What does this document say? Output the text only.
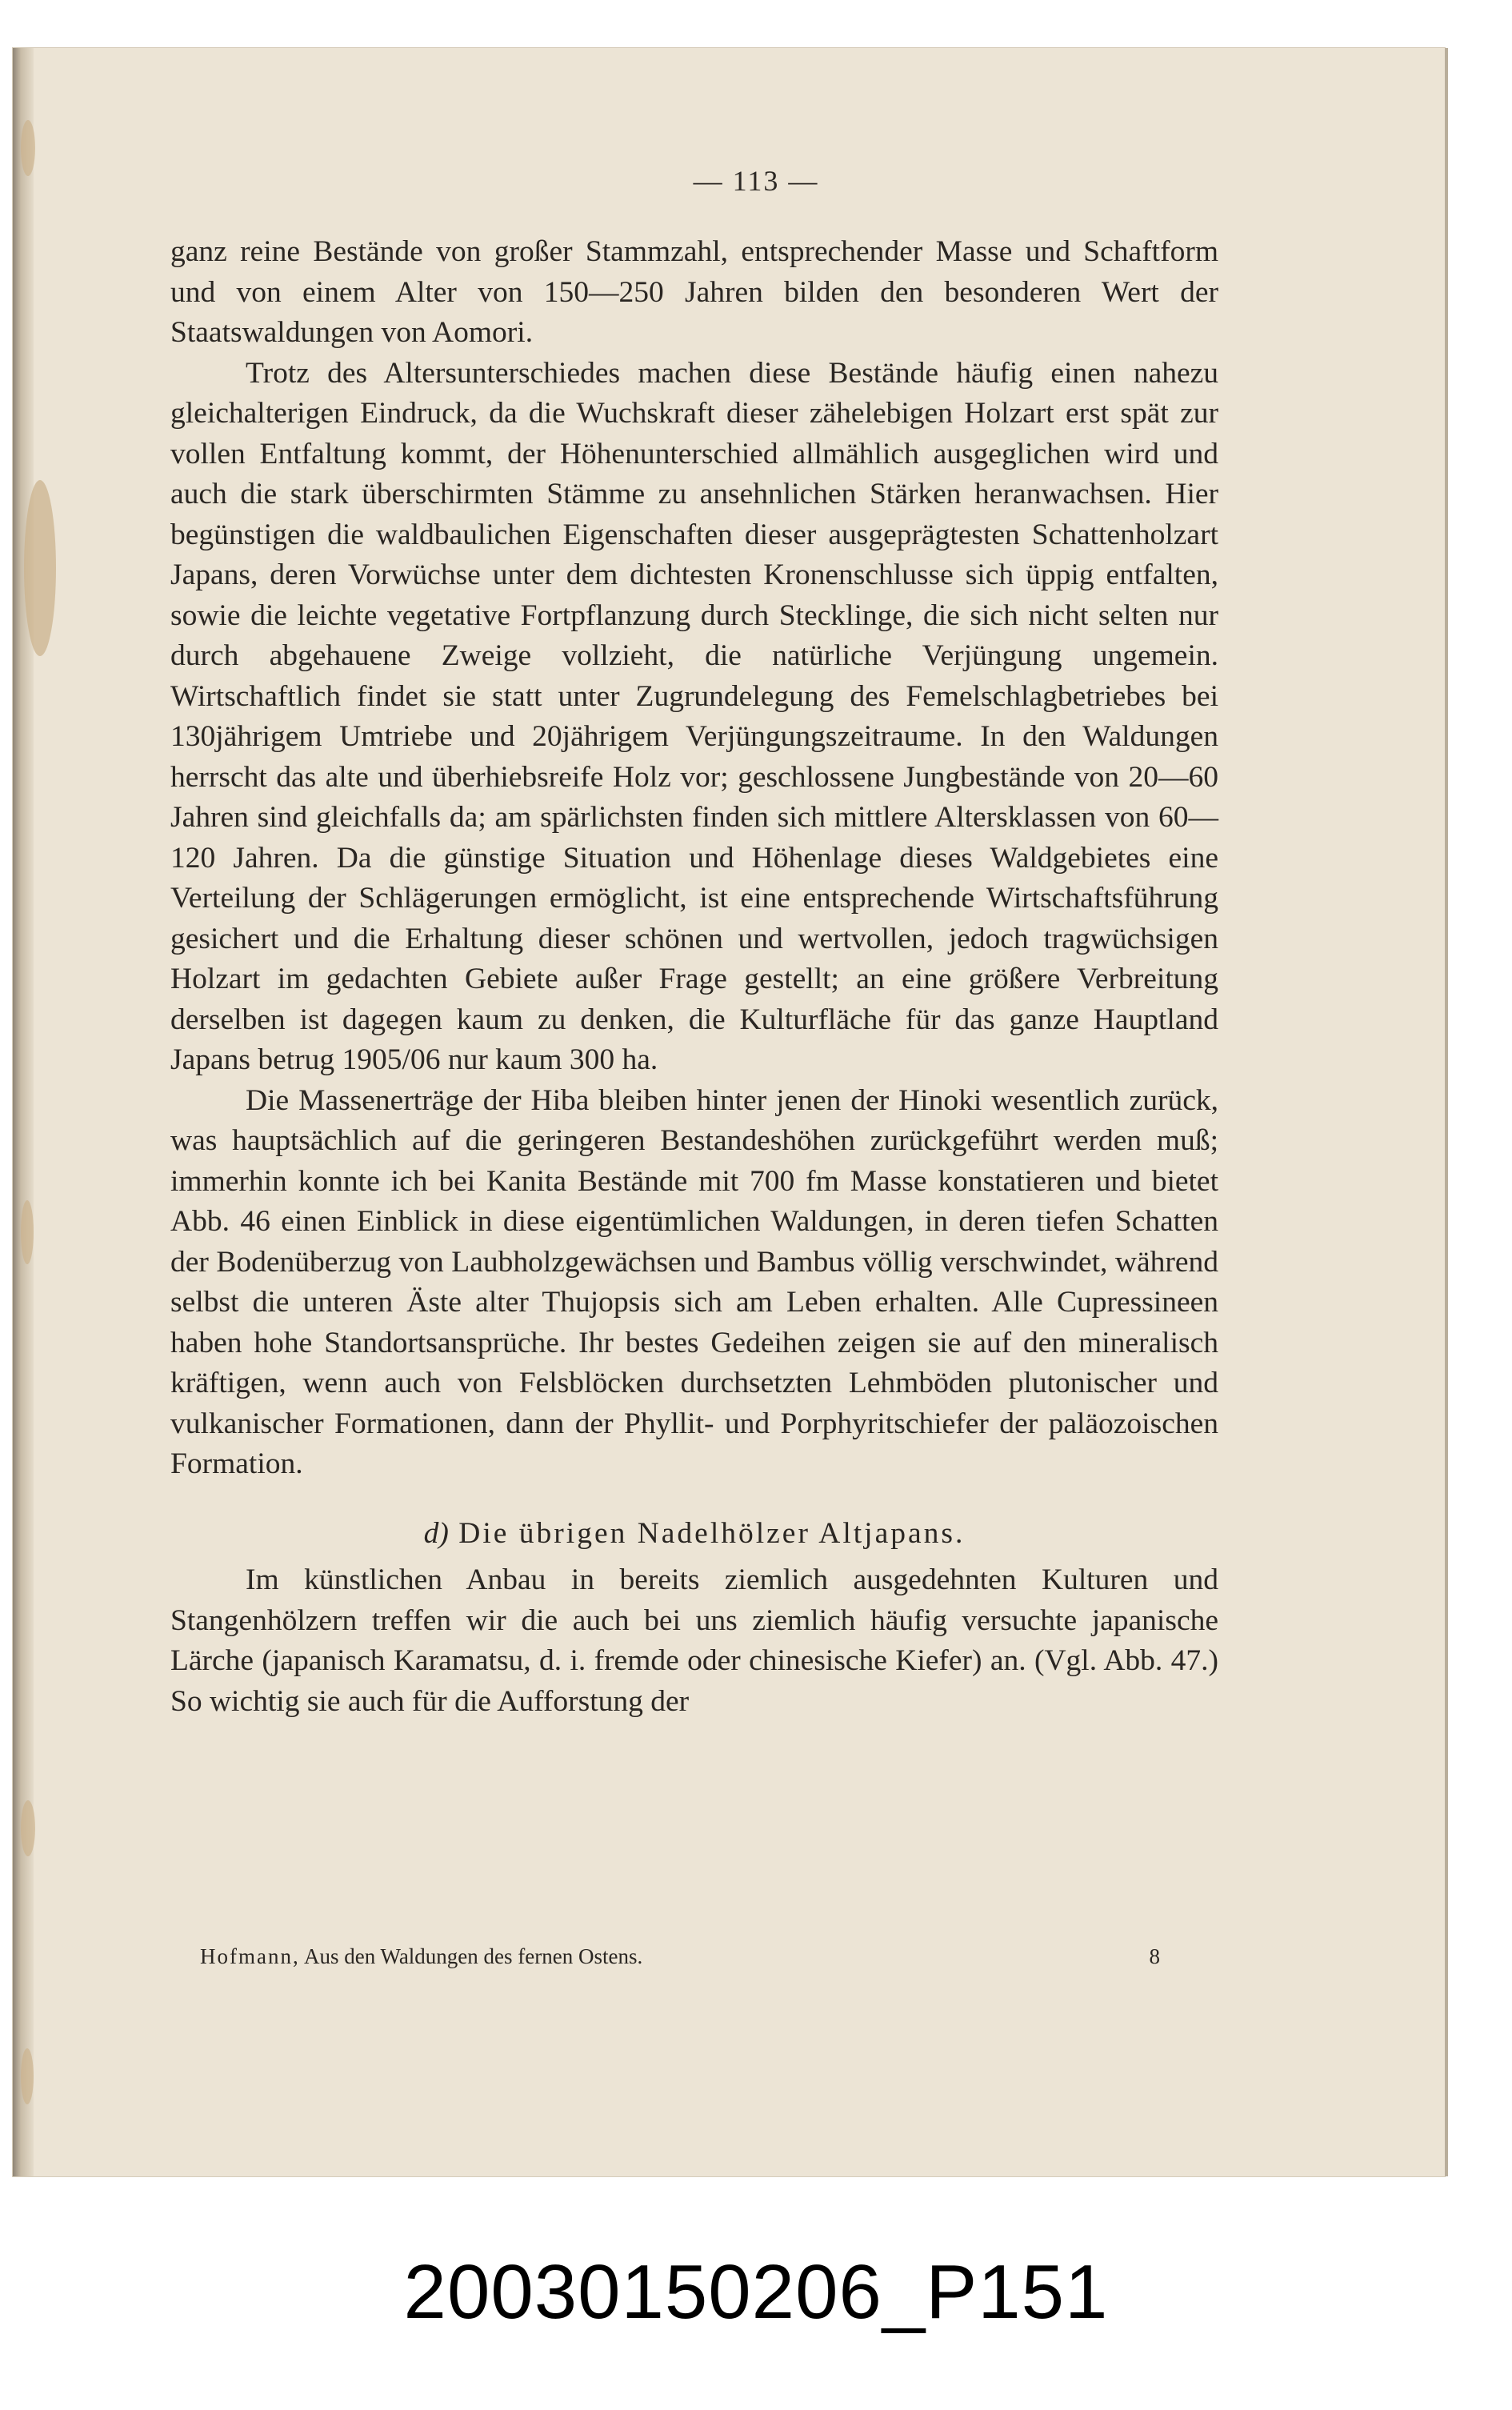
— 113 —

ganz reine Bestände von großer Stammzahl, entsprechender Masse und Schaftform und von einem Alter von 150—250 Jahren bilden den besonderen Wert der Staatswaldungen von Aomori.

Trotz des Altersunterschiedes machen diese Bestände häufig einen nahezu gleichalterigen Eindruck, da die Wuchskraft dieser zähelebigen Holzart erst spät zur vollen Entfaltung kommt, der Höhenunterschied allmählich ausgeglichen wird und auch die stark überschirmten Stämme zu ansehnlichen Stärken heranwachsen. Hier begünstigen die waldbaulichen Eigenschaften dieser ausgeprägtesten Schattenholzart Japans, deren Vorwüchse unter dem dichtesten Kronenschlusse sich üppig entfalten, sowie die leichte vegetative Fortpflanzung durch Stecklinge, die sich nicht selten nur durch abgehauene Zweige vollzieht, die natürliche Verjüngung ungemein. Wirtschaftlich findet sie statt unter Zugrundelegung des Femelschlagbetriebes bei 130jährigem Umtriebe und 20jährigem Verjüngungszeitraume. In den Waldungen herrscht das alte und überhiebsreife Holz vor; geschlossene Jungbestände von 20—60 Jahren sind gleichfalls da; am spärlichsten finden sich mittlere Altersklassen von 60—120 Jahren. Da die günstige Situation und Höhenlage dieses Waldgebietes eine Verteilung der Schlägerungen ermöglicht, ist eine entsprechende Wirtschaftsführung gesichert und die Erhaltung dieser schönen und wertvollen, jedoch tragwüchsigen Holzart im gedachten Gebiete außer Frage gestellt; an eine größere Verbreitung derselben ist dagegen kaum zu denken, die Kulturfläche für das ganze Hauptland Japans betrug 1905/06 nur kaum 300 ha.

Die Massenerträge der Hiba bleiben hinter jenen der Hinoki wesentlich zurück, was hauptsächlich auf die geringeren Bestandeshöhen zurückgeführt werden muß; immerhin konnte ich bei Kanita Bestände mit 700 fm Masse konstatieren und bietet Abb. 46 einen Einblick in diese eigentümlichen Waldungen, in deren tiefen Schatten der Bodenüberzug von Laubholzgewächsen und Bambus völlig verschwindet, während selbst die unteren Äste alter Thujopsis sich am Leben erhalten. Alle Cupressineen haben hohe Standortsansprüche. Ihr bestes Gedeihen zeigen sie auf den mineralisch kräftigen, wenn auch von Felsblöcken durchsetzten Lehmböden plutonischer und vulkanischer Formationen, dann der Phyllit- und Porphyritschiefer der paläozoischen Formation.

d) Die übrigen Nadelhölzer Altjapans.

Im künstlichen Anbau in bereits ziemlich ausgedehnten Kulturen und Stangenhölzern treffen wir die auch bei uns ziemlich häufig versuchte japanische Lärche (japanisch Karamatsu, d. i. fremde oder chinesische Kiefer) an. (Vgl. Abb. 47.) So wichtig sie auch für die Aufforstung der

Hofmann, Aus den Waldungen des fernen Ostens.	8
20030150206_P151
